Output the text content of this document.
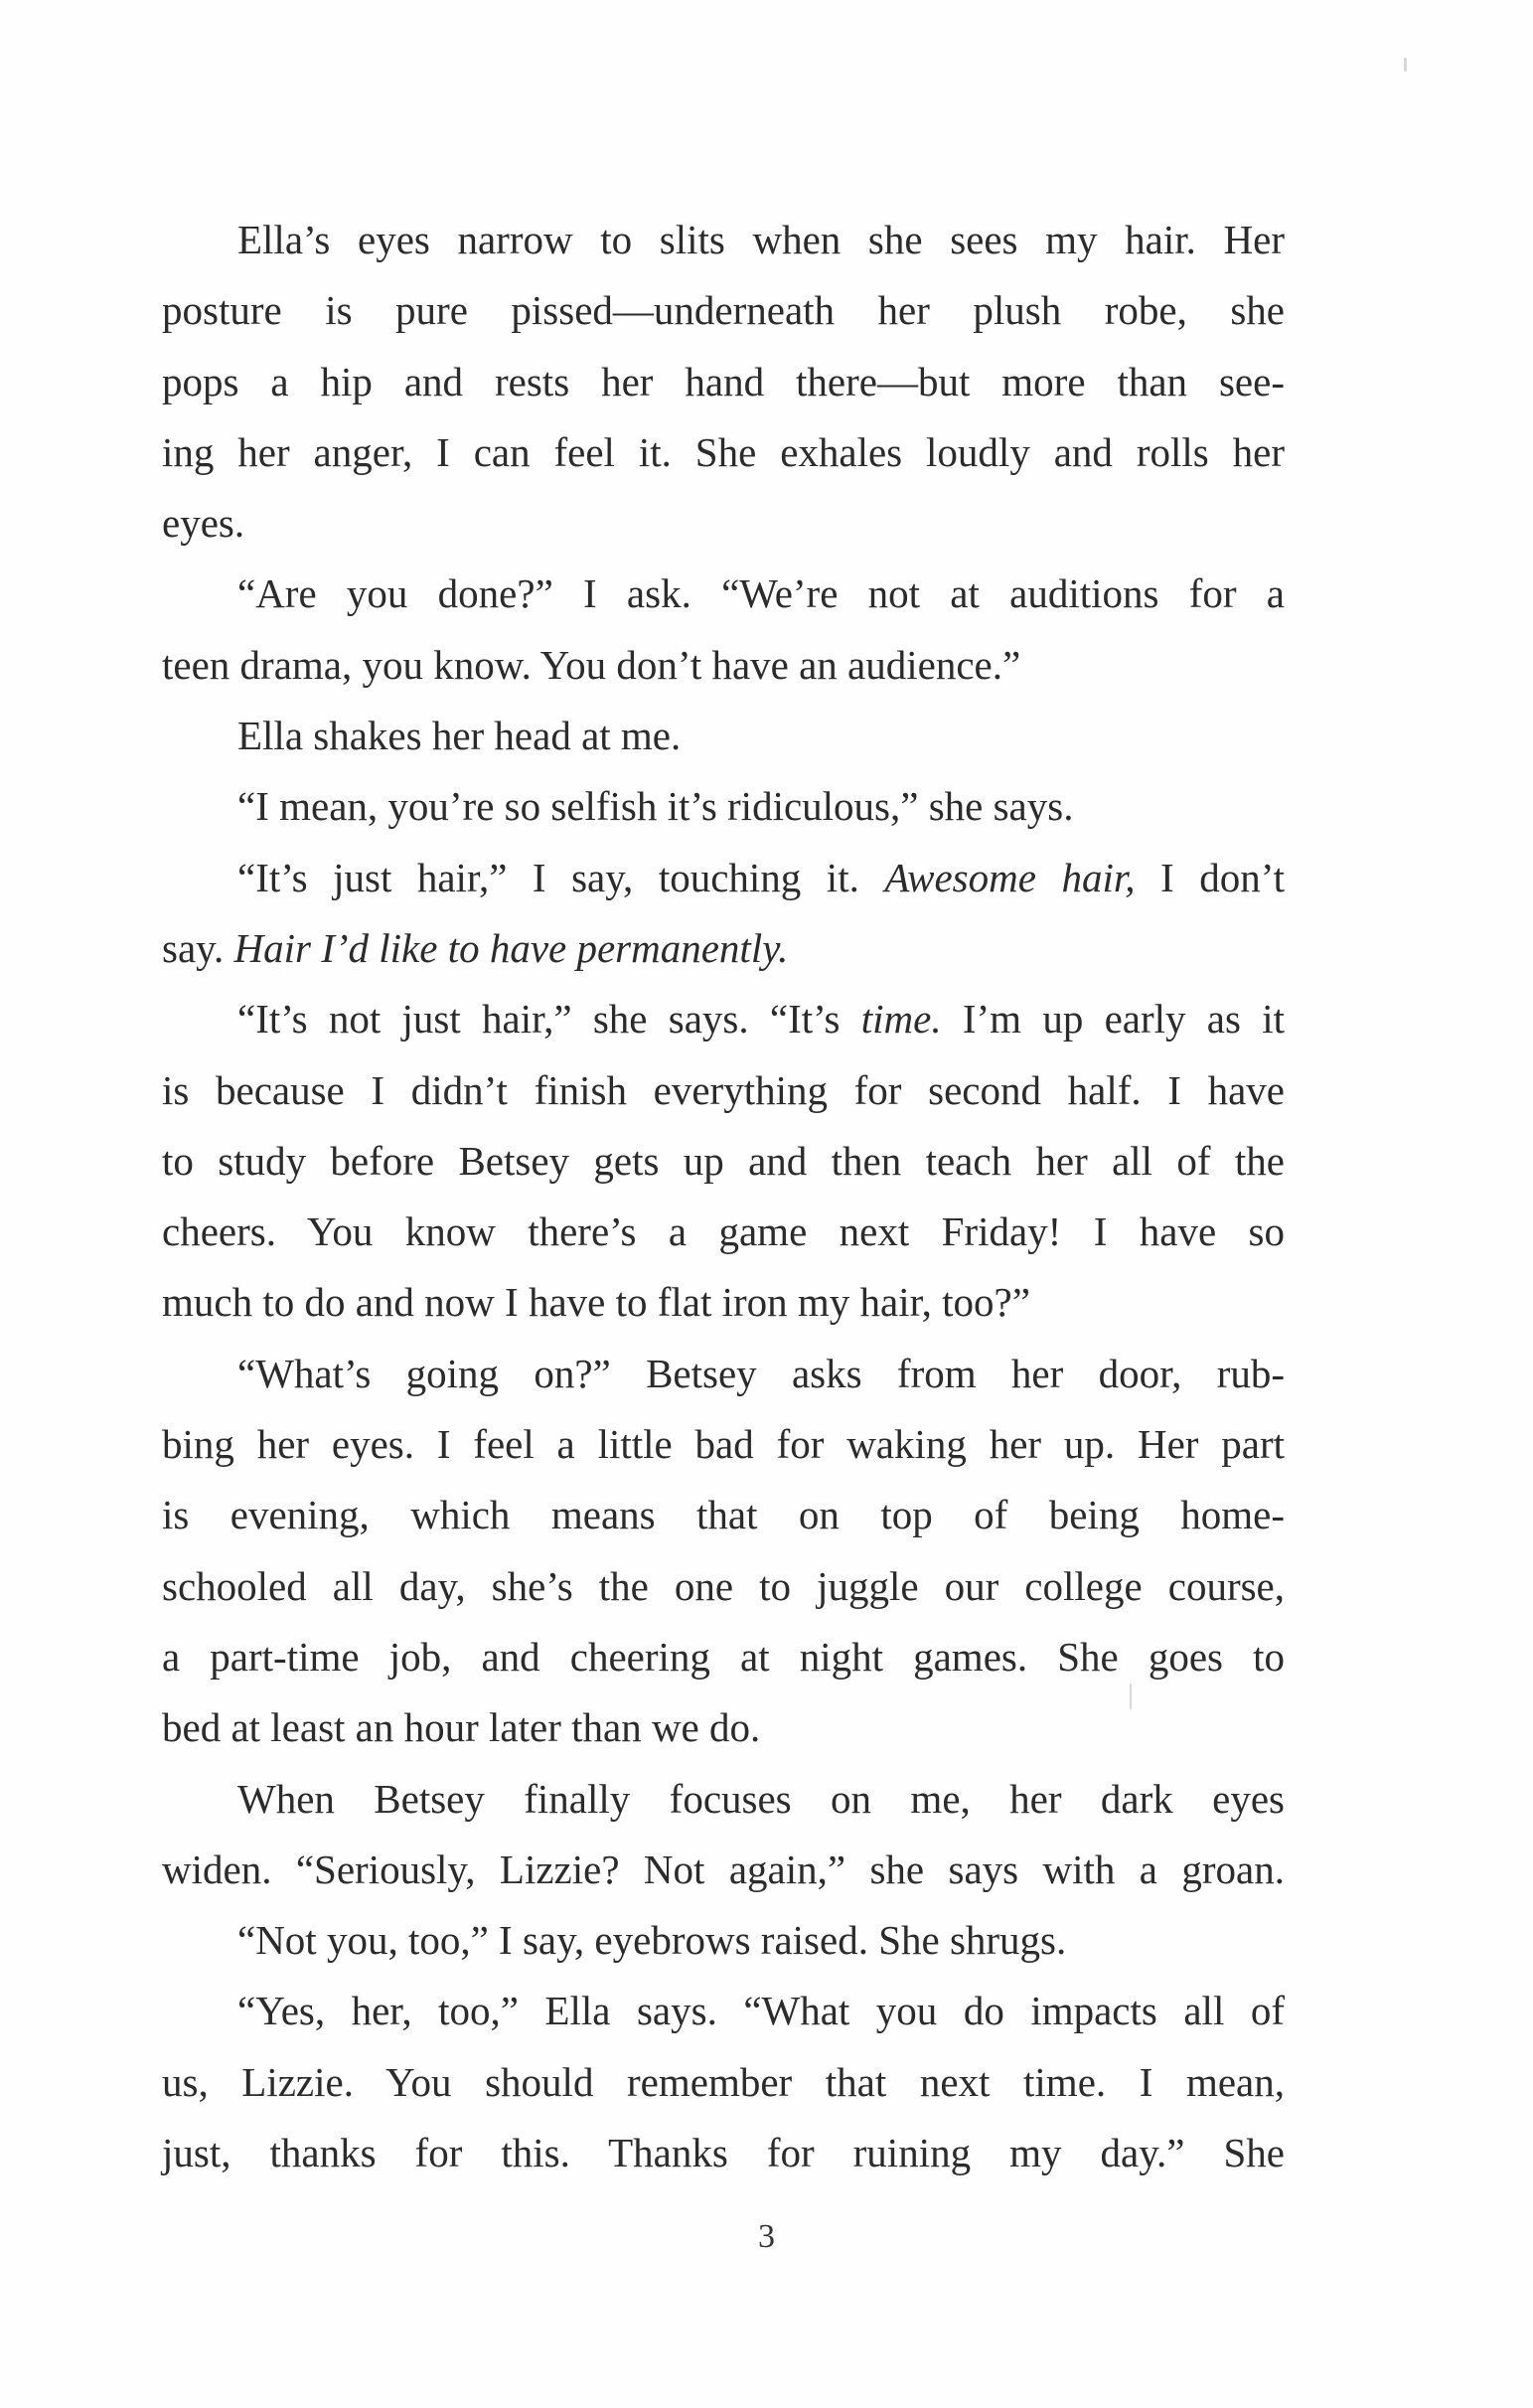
Ella’s eyes narrow to slits when she sees my hair. Her
posture is pure pissed—underneath her plush robe, she
pops a hip and rests her hand there—but more than see-
ing her anger, I can feel it. She exhales loudly and rolls her
eyes.
“Are you done?” I ask. “We’re not at auditions for a
teen drama, you know. You don’t have an audience.”
Ella shakes her head at me.
“I mean, you’re so selfish it’s ridiculous,” she says.
“It’s just hair,” I say, touching it. Awesome hair, I don’t
say. Hair I’d like to have permanently.
“It’s not just hair,” she says. “It’s time. I’m up early as it
is because I didn’t finish everything for second half. I have
to study before Betsey gets up and then teach her all of the
cheers. You know there’s a game next Friday! I have so
much to do and now I have to flat iron my hair, too?”
“What’s going on?” Betsey asks from her door, rub-
bing her eyes. I feel a little bad for waking her up. Her part
is evening, which means that on top of being home-
schooled all day, she’s the one to juggle our college course,
a part-time job, and cheering at night games. She goes to
bed at least an hour later than we do.
When Betsey finally focuses on me, her dark eyes
widen. “Seriously, Lizzie? Not again,” she says with a groan.
“Not you, too,” I say, eyebrows raised. She shrugs.
“Yes, her, too,” Ella says. “What you do impacts all of
us, Lizzie. You should remember that next time. I mean,
just, thanks for this. Thanks for ruining my day.” She
3
